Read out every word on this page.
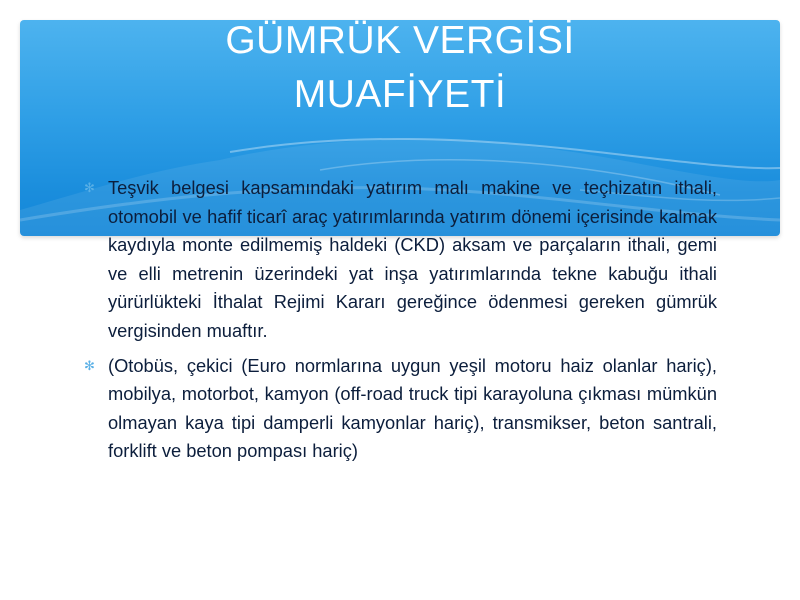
GÜMRÜK VERGİSİ
MUAFİYETİ
✻ Teşvik belgesi kapsamındaki yatırım malı makine ve teçhizatın ithali, otomobil ve hafif ticarî araç yatırımlarında yatırım dönemi içerisinde kalmak kaydıyla monte edilmemiş haldeki (CKD) aksam ve parçaların ithali, gemi ve elli metrenin üzerindeki yat inşa yatırımlarında tekne kabuğu ithali yürürlükteki İthalat Rejimi Kararı gereğince ödenmesi gereken gümrük vergisinden muaftır.
✻ (Otobüs, çekici (Euro normlarına uygun yeşil motoru haiz olanlar hariç), mobilya, motorbot, kamyon (off-road truck tipi karayoluna çıkması mümkün olmayan kaya tipi damperli kamyonlar hariç), transmikser, beton santrali, forklift ve beton pompası hariç)
